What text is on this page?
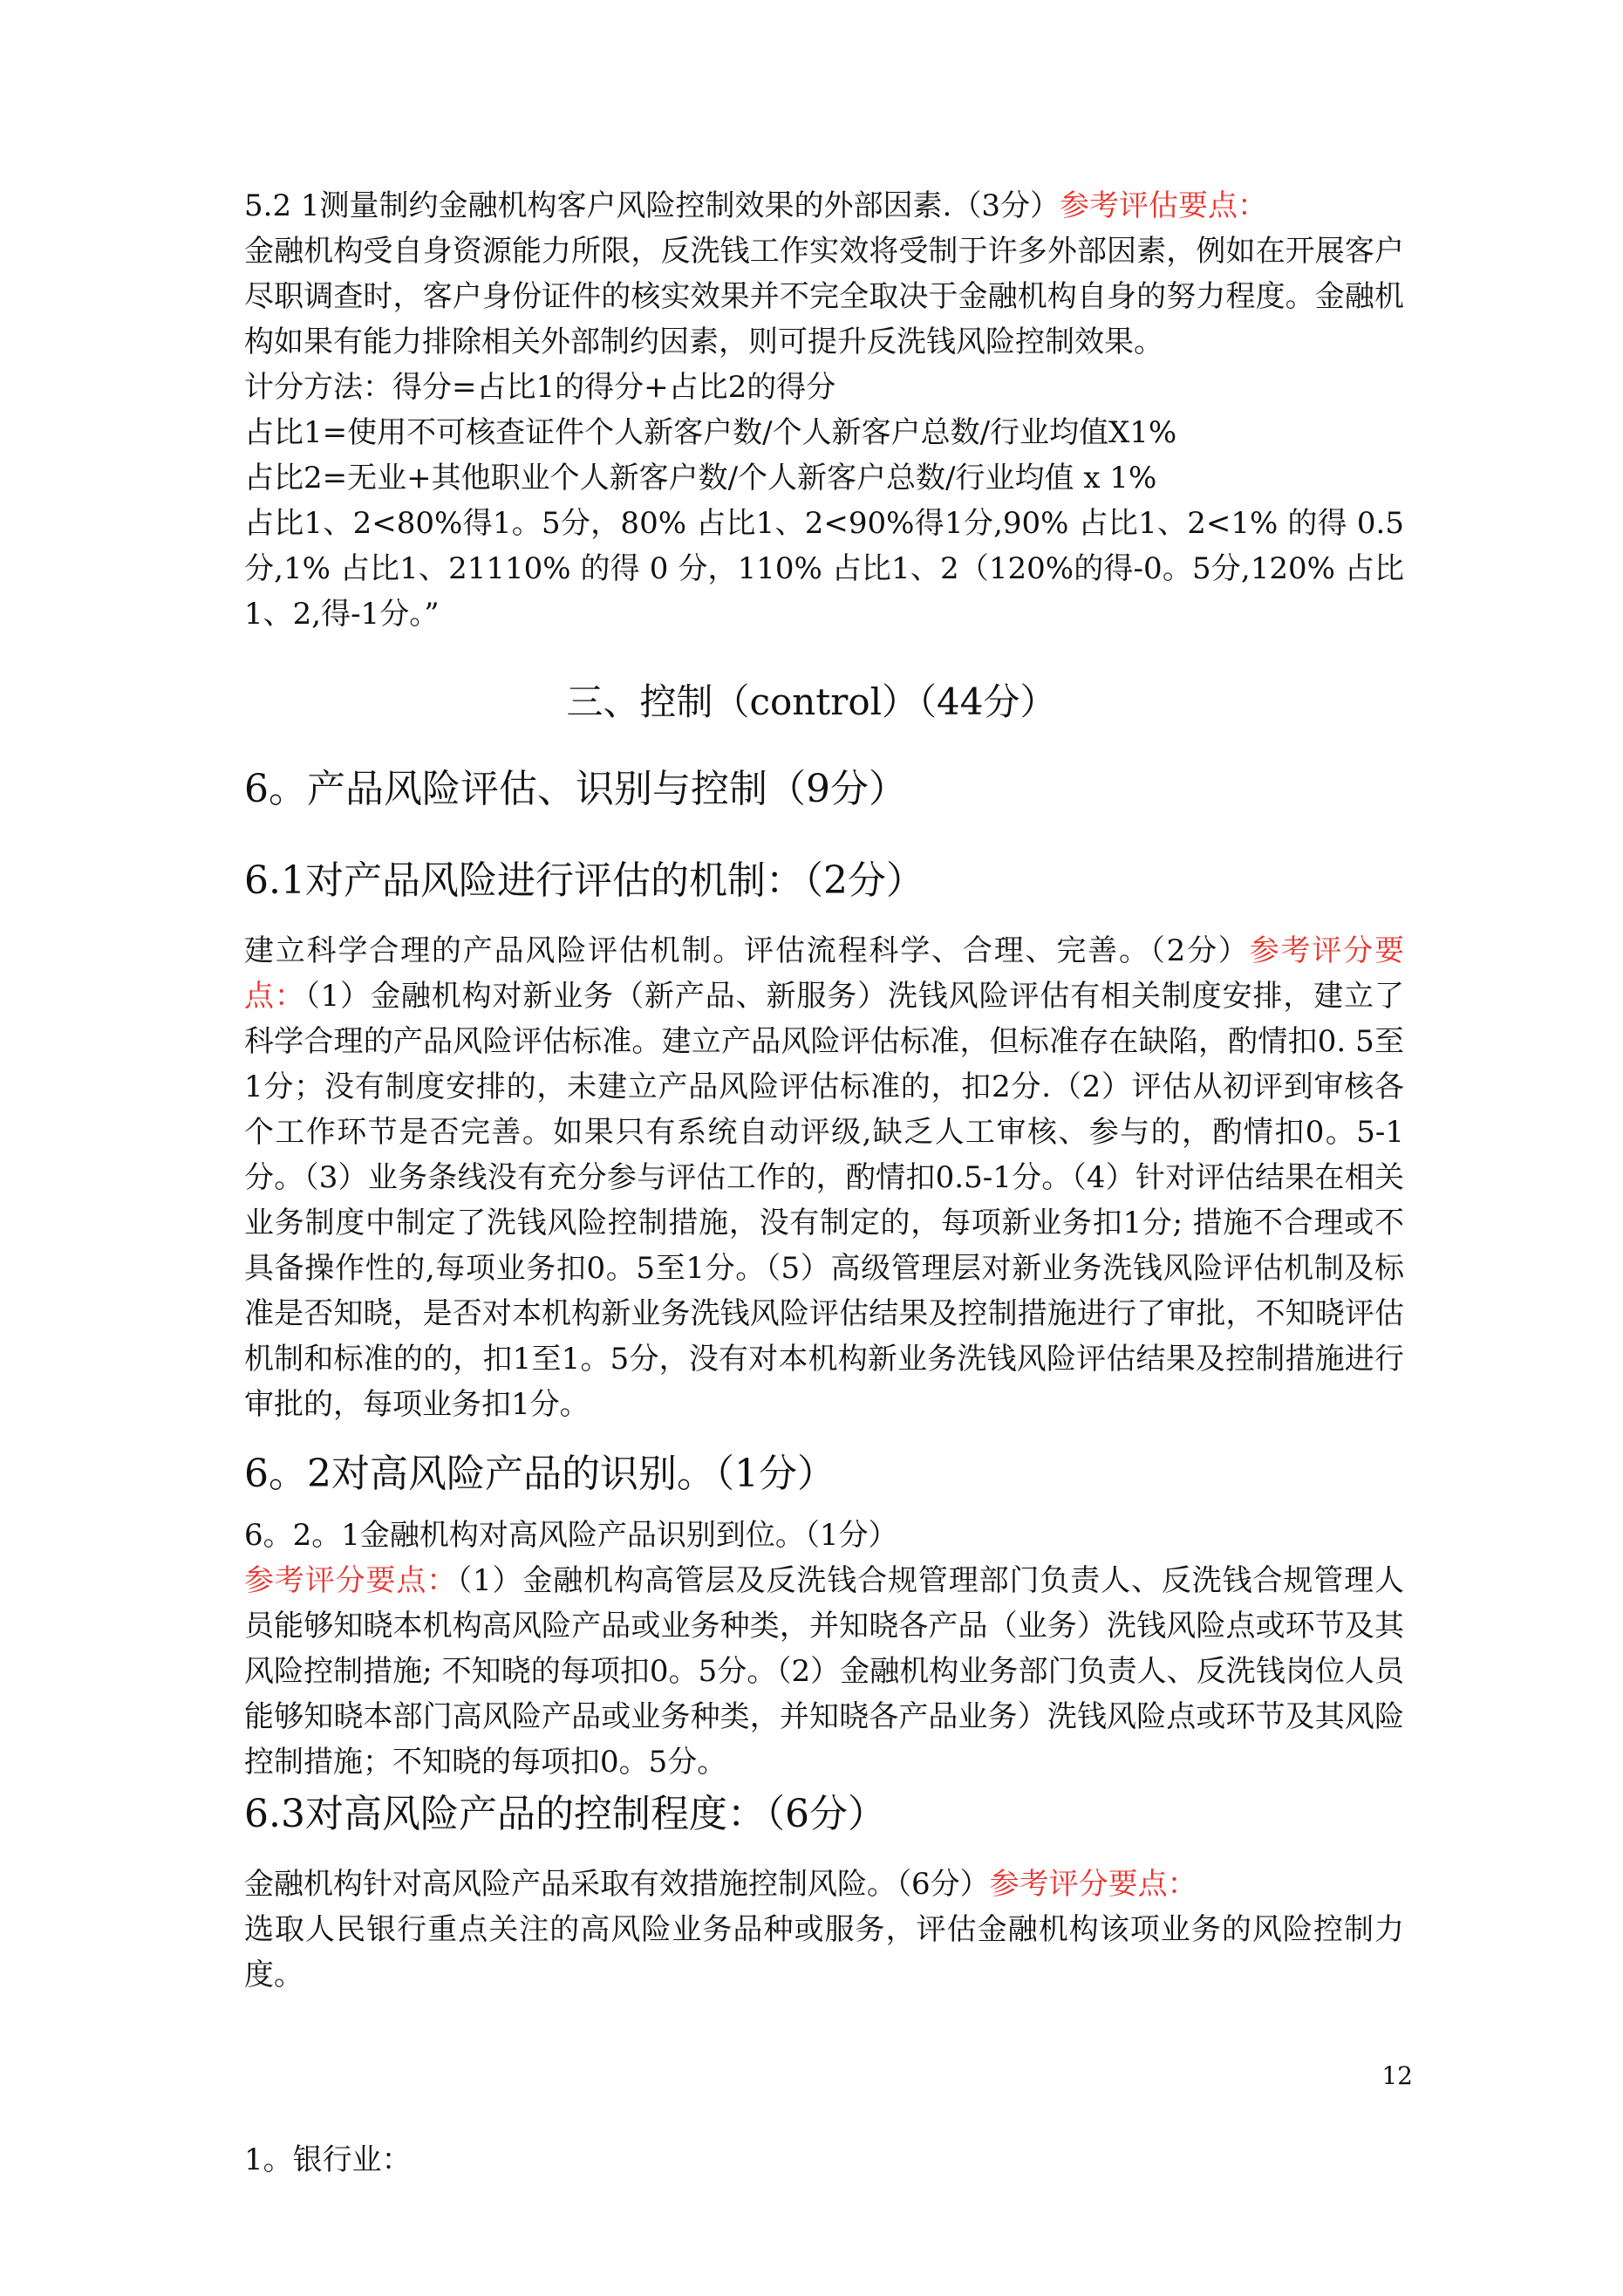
5.2 1测量制约金融机构客户风险控制效果的外部因素.（3分）参考评估要点：

金融机构受自身资源能力所限，反洗钱工作实效将受制于许多外部因素，例如在开展客户尽职调查时，客户身份证件的核实效果并不完全取决于金融机构自身的努力程度。金融机构如果有能力排除相关外部制约因素，则可提升反洗钱风险控制效果。

计分方法：得分=占比1的得分+占比2的得分

占比1=使用不可核查证件个人新客户数/个人新客户总数/行业均值X1%

占比2=无业+其他职业个人新客户数/个人新客户总数/行业均值 x 1%

占比1、2<80%得1。5分，80% 占比1、2<90%得1分,90% 占比1、2<1% 的得 0.5分,1% 占比1、21110% 的得 0 分，110% 占比1、2（120%的得-0。5分,120% 占比1、2,得-1分。”

三、控制（control）（44分）

6。产品风险评估、识别与控制（9分）

6.1对产品风险进行评估的机制：（2分）

建立科学合理的产品风险评估机制。评估流程科学、合理、完善。（2分）参考评分要点：（1）金融机构对新业务（新产品、新服务）洗钱风险评估有相关制度安排，建立了科学合理的产品风险评估标准。建立产品风险评估标准，但标准存在缺陷，酌情扣0. 5至1分；没有制度安排的，未建立产品风险评估标准的，扣2分.（2）评估从初评到审核各个工作环节是否完善。如果只有系统自动评级,缺乏人工审核、参与的，酌情扣0。5-1分。（3）业务条线没有充分参与评估工作的，酌情扣0.5-1分。（4）针对评估结果在相关业务制度中制定了洗钱风险控制措施，没有制定的，每项新业务扣1分; 措施不合理或不具备操作性的,每项业务扣0。5至1分。（5）高级管理层对新业务洗钱风险评估机制及标准是否知晓，是否对本机构新业务洗钱风险评估结果及控制措施进行了审批，不知晓评估机制和标准的的，扣1至1。5分，没有对本机构新业务洗钱风险评估结果及控制措施进行审批的，每项业务扣1分。

6。2对高风险产品的识别。（1分）

6。2。1金融机构对高风险产品识别到位。（1分）

参考评分要点：（1）金融机构高管层及反洗钱合规管理部门负责人、反洗钱合规管理人员能够知晓本机构高风险产品或业务种类，并知晓各产品（业务）洗钱风险点或环节及其风险控制措施; 不知晓的每项扣0。5分。（2）金融机构业务部门负责人、反洗钱岗位人员能够知晓本部门高风险产品或业务种类，并知晓各产品业务）洗钱风险点或环节及其风险控制措施；不知晓的每项扣0。5分。

6.3对高风险产品的控制程度：（6分）

金融机构针对高风险产品采取有效措施控制风险。（6分）参考评分要点：

选取人民银行重点关注的高风险业务品种或服务，评估金融机构该项业务的风险控制力度。

12

1。银行业：
